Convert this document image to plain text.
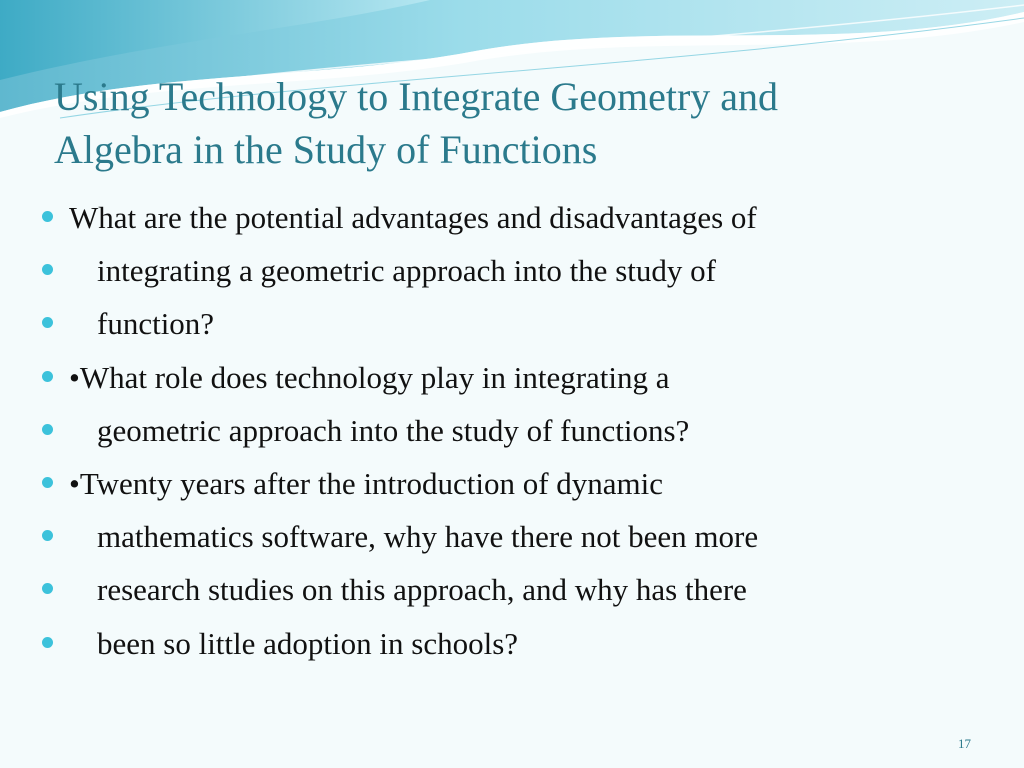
Using Technology to Integrate Geometry and
Algebra in the Study of Functions
What are the potential advantages and disadvantages of
integrating a geometric approach into the study of
function?
•What role does technology play in integrating a
geometric approach into the study of functions?
•Twenty years after the introduction of dynamic
mathematics software, why have there not been more
research studies on this approach, and why has there
been so little adoption in schools?
17
